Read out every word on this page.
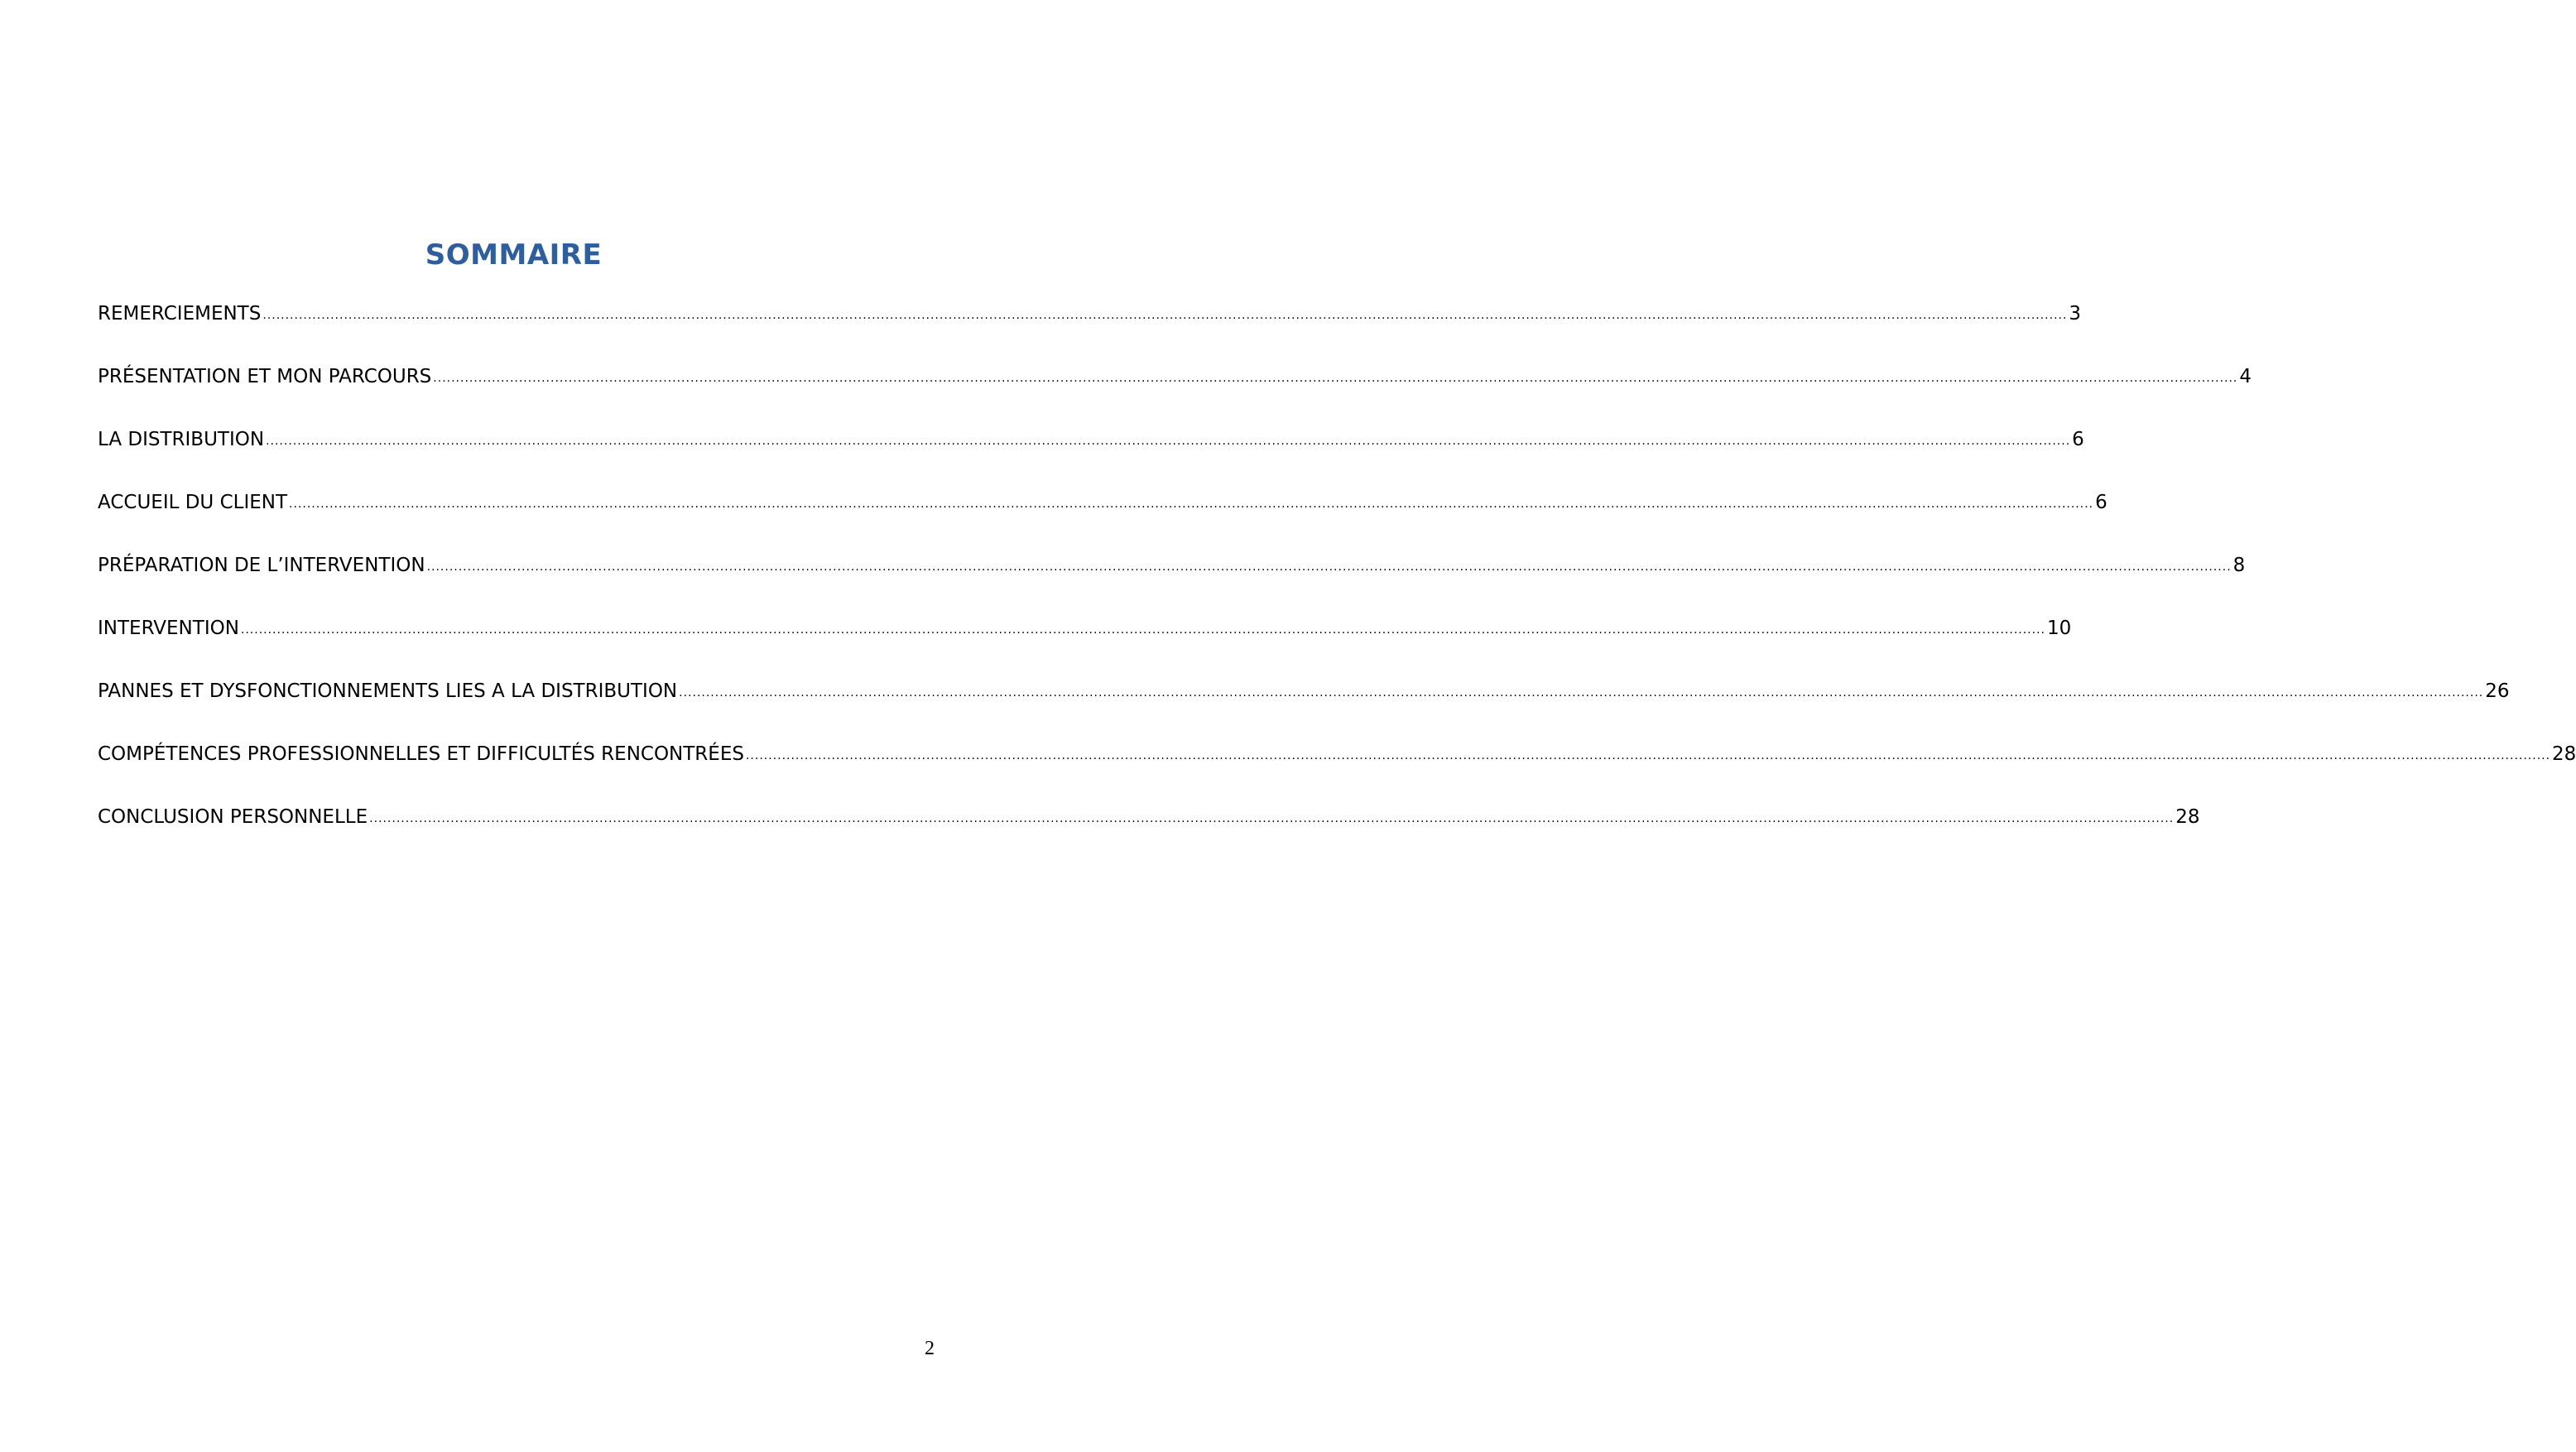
SOMMAIRE
REMERCIEMENTS ................................................................................................................................................................................................................................................................................................................................................................................................................ 3
PRÉSENTATION ET MON PARCOURS ................................................................................................................................................................................................................................................................................................................................................................................................................ 4
LA DISTRIBUTION ................................................................................................................................................................................................................................................................................................................................................................................................................ 6
ACCUEIL DU CLIENT ................................................................................................................................................................................................................................................................................................................................................................................................................ 6
PRÉPARATION DE L’INTERVENTION ................................................................................................................................................................................................................................................................................................................................................................................................................ 8
INTERVENTION ................................................................................................................................................................................................................................................................................................................................................................................................................ 10
PANNES ET DYSFONCTIONNEMENTS LIES A LA DISTRIBUTION ................................................................................................................................................................................................................................................................................................................................................................................................................ 26
COMPÉTENCES PROFESSIONNELLES ET DIFFICULTÉS RENCONTRÉES ................................................................................................................................................................................................................................................................................................................................................................................................................ 28
CONCLUSION PERSONNELLE ................................................................................................................................................................................................................................................................................................................................................................................................................ 28
2
